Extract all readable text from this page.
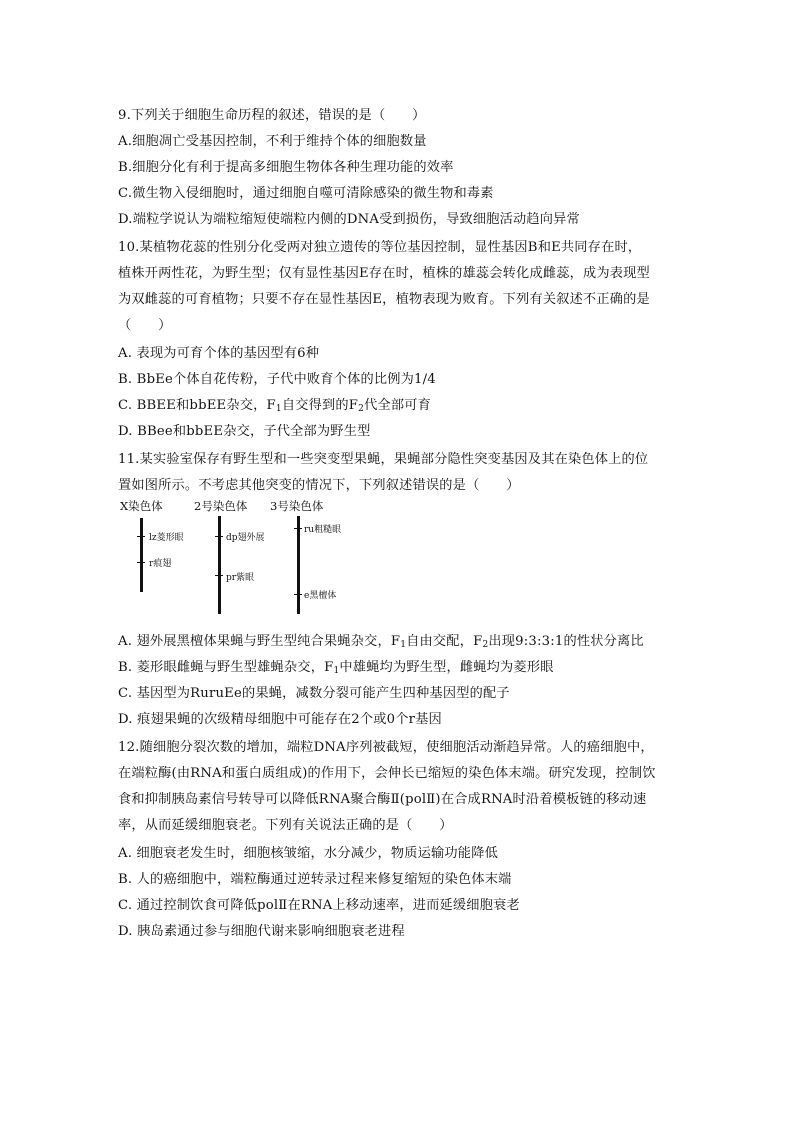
9.下列关于细胞生命历程的叙述，错误的是（　　）
A.细胞凋亡受基因控制，不利于维持个体的细胞数量
B.细胞分化有利于提高多细胞生物体各种生理功能的效率
C.微生物入侵细胞时，通过细胞自噬可清除感染的微生物和毒素
D.端粒学说认为端粒缩短使端粒内侧的DNA受到损伤，导致细胞活动趋向异常
10.某植物花蕊的性别分化受两对独立遗传的等位基因控制，显性基因B和E共同存在时，
植株开两性花，为野生型；仅有显性基因E存在时，植株的雄蕊会转化成雌蕊，成为表现型
为双雌蕊的可育植物；只要不存在显性基因E，植物表现为败育。下列有关叙述不正确的是
（　　）
A. 表现为可育个体的基因型有6种
B. BbEe个体自花传粉，子代中败育个体的比例为1/4
C. BBEE和bbEE杂交，$F_1$自交得到的$F_2$代全部可育
D. BBee和bbEE杂交，子代全部为野生型
11.某实验室保存有野生型和一些突变型果蝇，果蝇部分隐性突变基因及其在染色体上的位
置如图所示。不考虑其他突变的情况下，下列叙述错误的是（　　）
X染色体	2号染色体 3号染色体
lz菱形眼
r痕翅
dp翅外展
pr紫眼
ru粗糙眼
e黑檀体
A. 翅外展黑檀体果蝇与野生型纯合果蝇杂交，$F_1$自由交配，$F_2$出现9:3:3:1的性状分离比
B. 菱形眼雌蝇与野生型雄蝇杂交，$F_1$中雄蝇均为野生型，雌蝇均为菱形眼
C. 基因型为RuruEe的果蝇，减数分裂可能产生四种基因型的配子
D. 痕翅果蝇的次级精母细胞中可能存在2个或0个r基因
12.随细胞分裂次数的增加，端粒DNA序列被截短，使细胞活动渐趋异常。人的癌细胞中，
在端粒酶(由RNA和蛋白质组成)的作用下，会伸长已缩短的染色体末端。研究发现，控制饮
食和抑制胰岛素信号转导可以降低RNA聚合酶Ⅱ(polⅡ)在合成RNA时沿着模板链的移动速
率，从而延缓细胞衰老。下列有关说法正确的是（　　）
A. 细胞衰老发生时，细胞核皱缩，水分减少，物质运输功能降低
B. 人的癌细胞中，端粒酶通过逆转录过程来修复缩短的染色体末端
C. 通过控制饮食可降低polⅡ在RNA上移动速率，进而延缓细胞衰老
D. 胰岛素通过参与细胞代谢来影响细胞衰老进程
